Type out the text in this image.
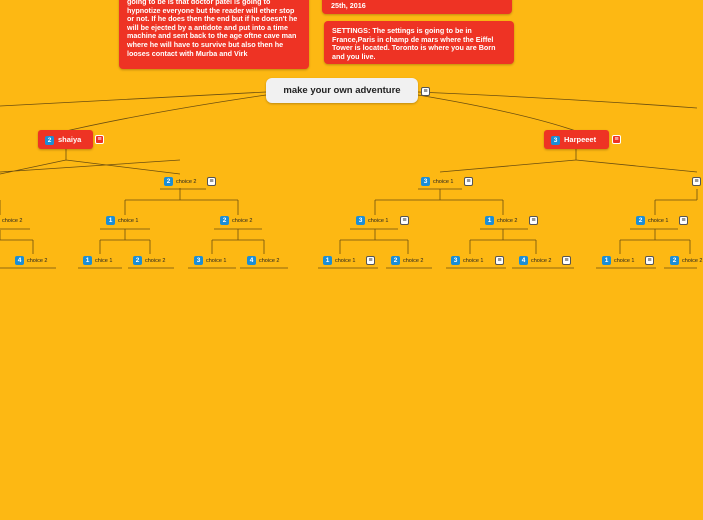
going to be is that doctor patel is going to hypnotize everyone but the reader will ether stop or not. If he does then the end but if he doesn't he will be ejected by a antidote and put into a time machine and sent back to the age oftne cave man where he will have to survive but also then he looses contact with Murba and Virk
25th, 2016
SETTINGS: The settings is going to be in France,Paris in champ de mars where the Eiffel Tower is located. Toronto is where you are Born and you live.
make your own adventure	≡
2 shaiya	≡	3 Harpeeet	≡
2 choice 2	≡	3 choice 1	≡	≡
choice 2	1 choice 1	2 choice 2	3 choice 1	≡	1 choice 2	≡	2 choice 1	≡
4 choice 2	1 chice 1	2 choice 2	3 choice 1	4 choice 2	1 choice 1	≡	2 choice 2	3 choice 1	≡	4 choice 2	≡	1 choice 1	≡	2 choice 2
